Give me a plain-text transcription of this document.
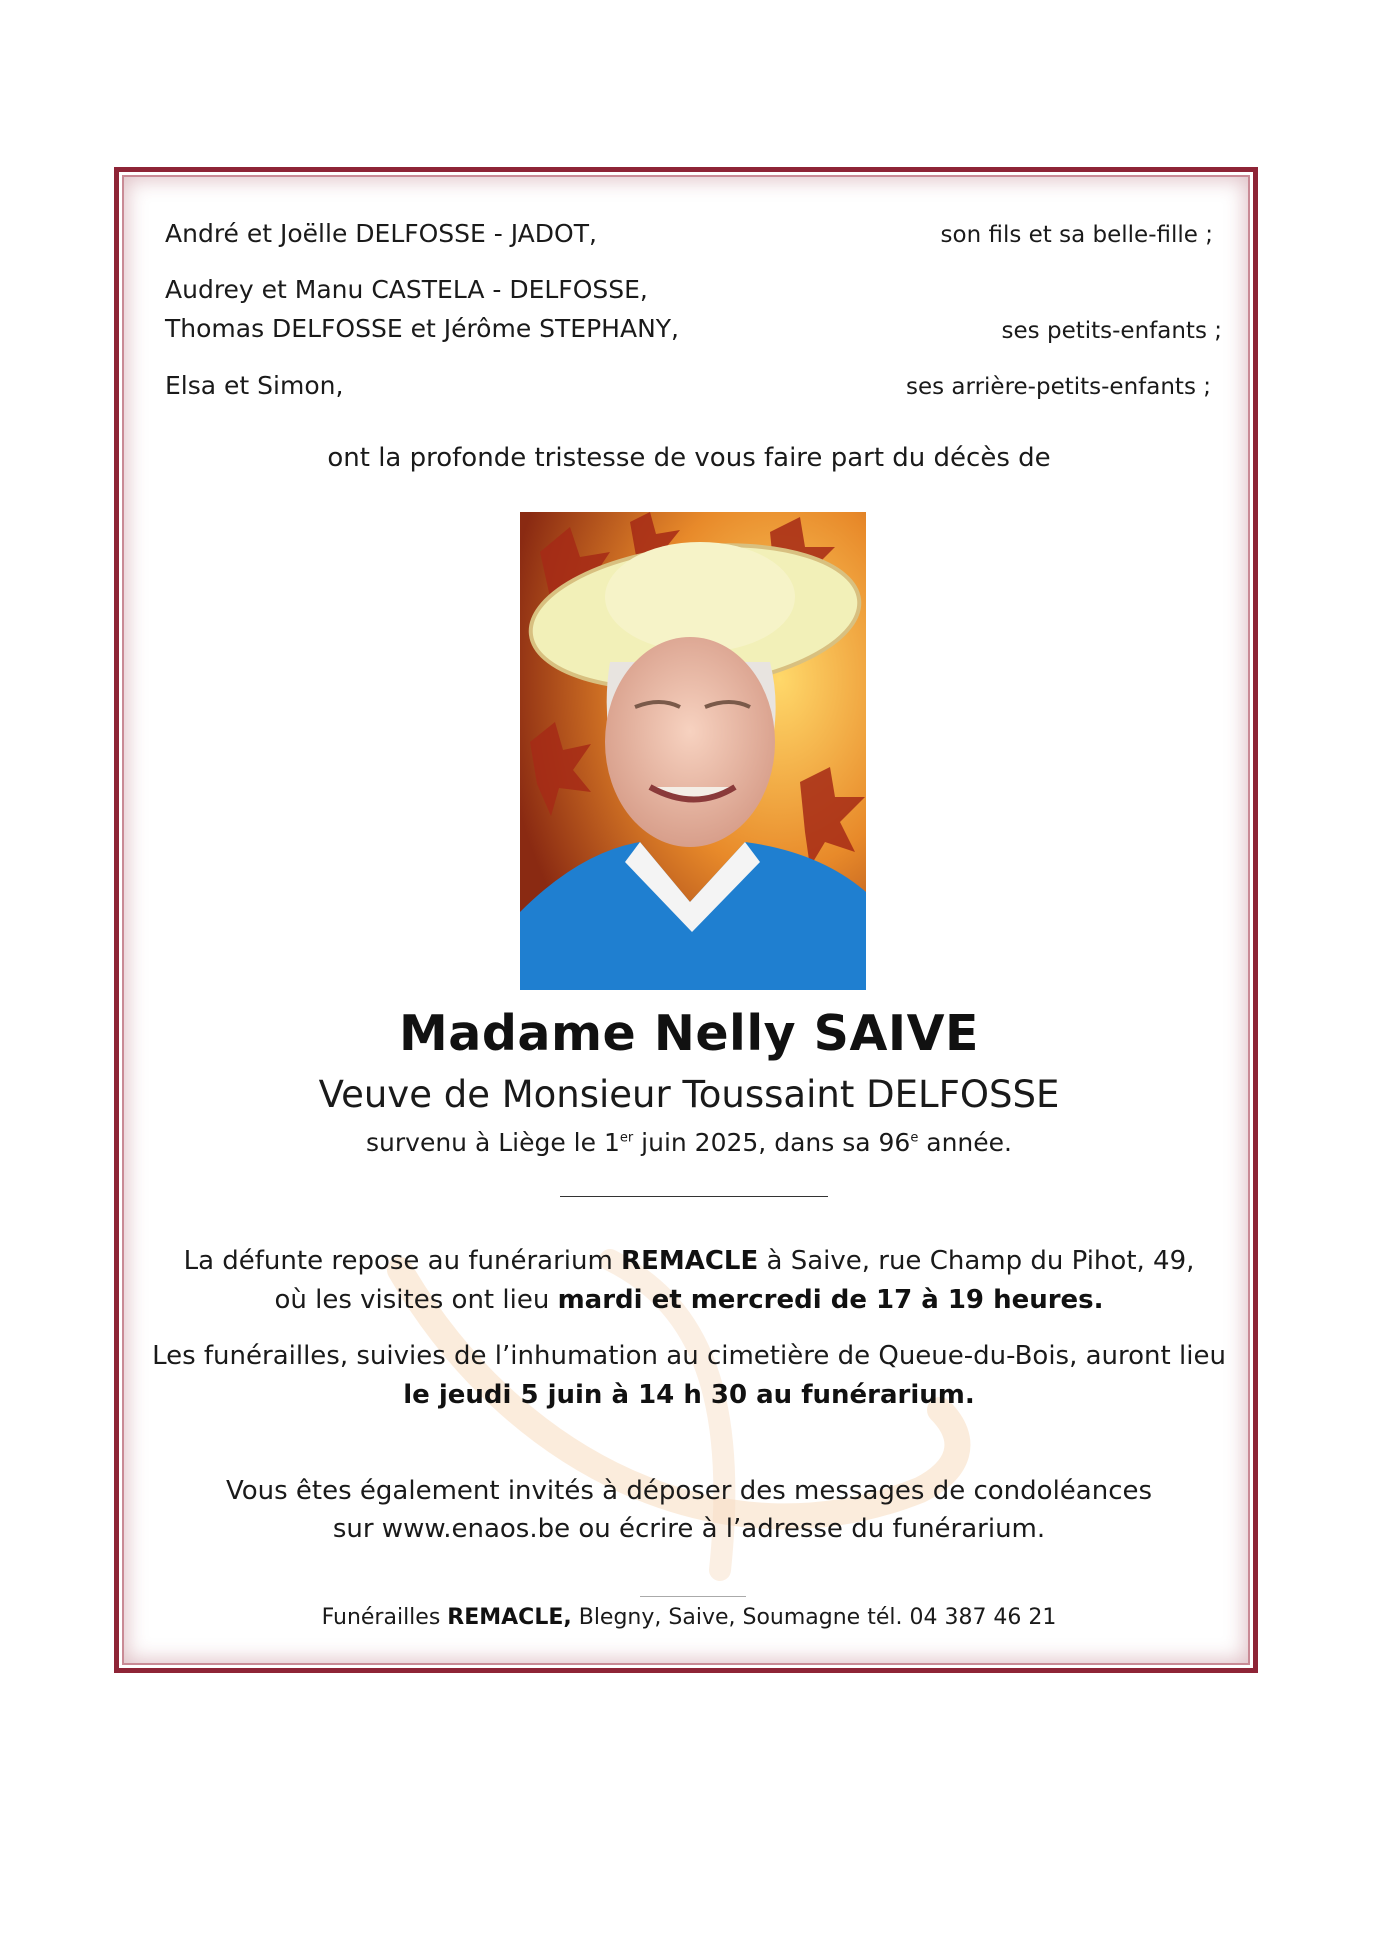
André et Joëlle DELFOSSE - JADOT,	son fils et sa belle-fille ;
Audrey et Manu CASTELA - DELFOSSE,
Thomas DELFOSSE et Jérôme STEPHANY,	ses petits-enfants ;
Elsa et Simon,	ses arrière-petits-enfants ;
ont la profonde tristesse de vous faire part du décès de
Madame Nelly SAIVE
Veuve de Monsieur Toussaint DELFOSSE
survenu à Liège le 1er juin 2025, dans sa 96e année.
La défunte repose au funérarium REMACLE à Saive, rue Champ du Pihot, 49,
où les visites ont lieu mardi et mercredi de 17 à 19 heures.
Les funérailles, suivies de l’inhumation au cimetière de Queue-du-Bois, auront lieu
le jeudi 5 juin à 14 h 30 au funérarium.
Vous êtes également invités à déposer des messages de condoléances
sur www.enaos.be ou écrire à l’adresse du funérarium.
Funérailles REMACLE, Blegny, Saive, Soumagne tél. 04 387 46 21
